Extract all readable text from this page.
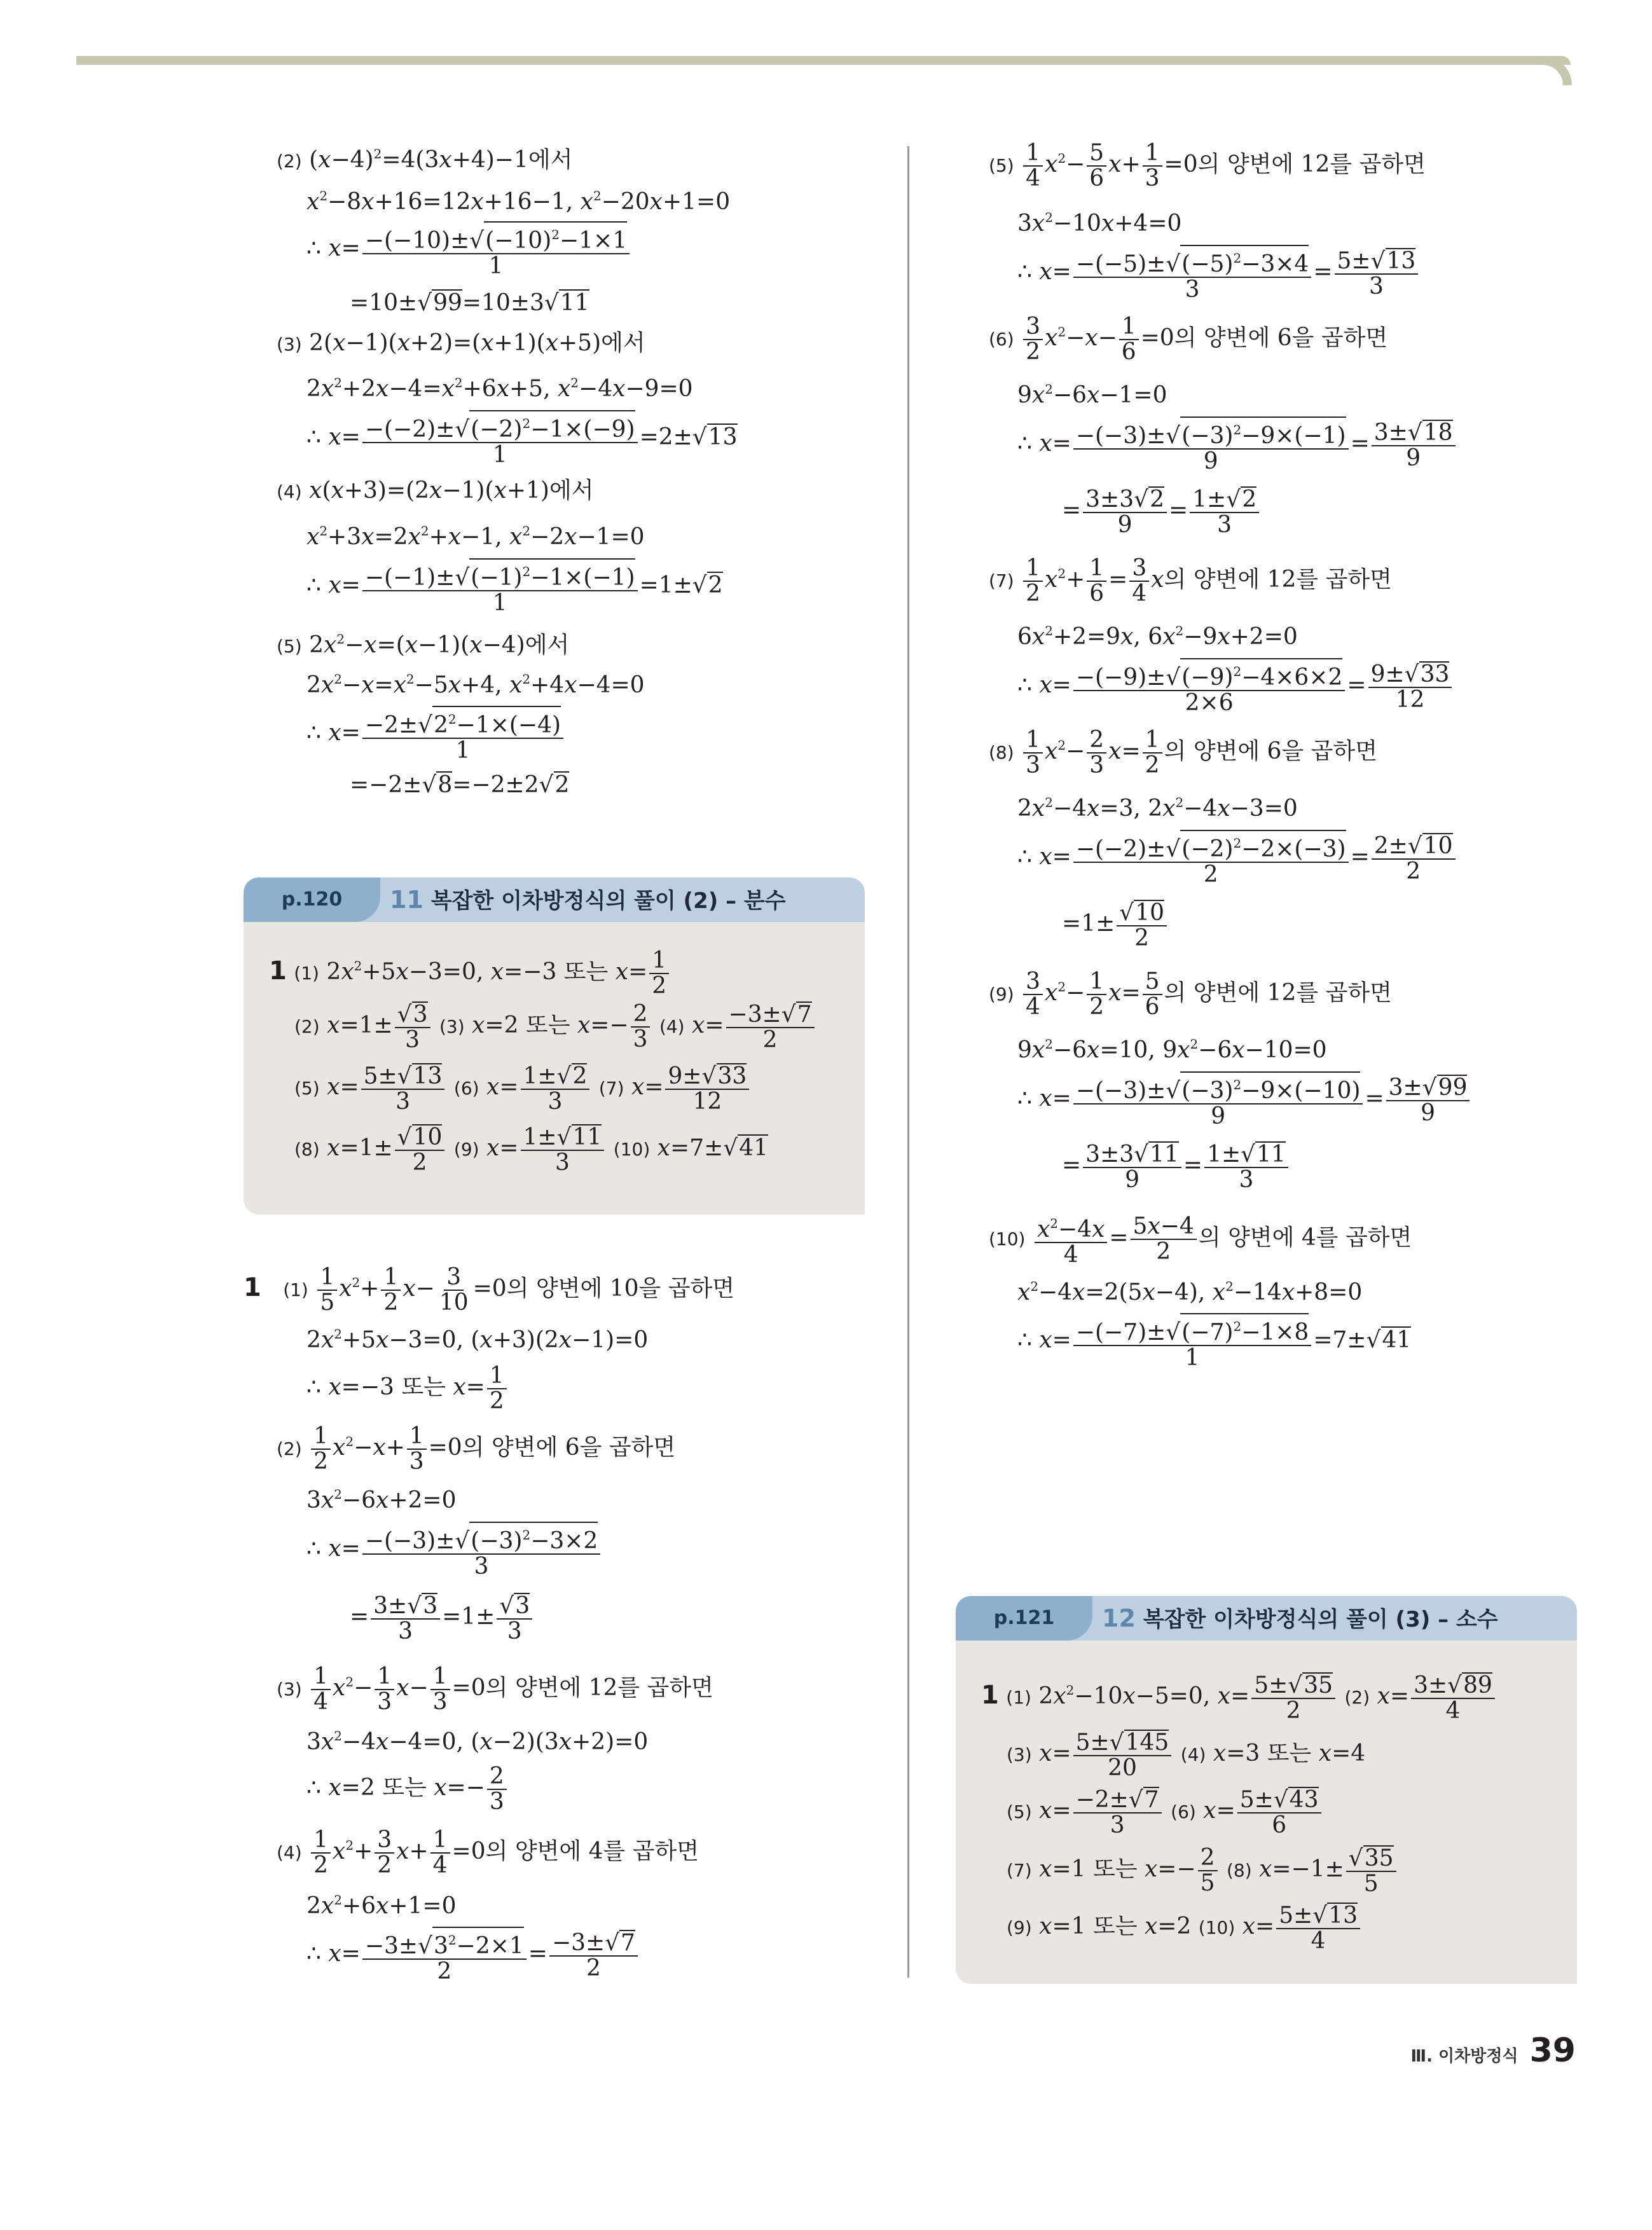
(2) $(x-4)^2=4(3x+4)-1$에서
$x^2-8x+16=12x+16-1$, $x^2-20x+1=0$
∴ $x= \frac{-(-10)\pm√(-10)^2-1\times 1}{1}$
=10±√99=10±3√11
(3) 2(x−1)(x+2)=(x+1)(x+5)에서
$2x^2+2x-4=x^2+6x+5$, $x^2-4x-9=0$
∴ $x= \frac{-(-2)\pm√(-2)^2-1\times(-9)}{1} =2\pm√13$
(4) x(x+3)=(2x−1)(x+1)에서
$x^2+3x=2x^2+x-1$, $x^2-2x-1=0$
∴ $x= \frac{-(-1)\pm√(-1)^2-1\times(-1)}{1} =1\pm√2$
(5) $2x^2-x=(x-1)(x-4)$에서
$2x^2-x=x^2-5x+4$, $x^2+4x-4=0$
∴ $x= \frac{-2\pm√2^2-1\times(-4)}{1}$
=−2±√8=−2±2√2
p.120	11 복잡한 이차방정식의 풀이 (2) – 분수
1 (1) $2x^2+5x-3=0$, x=−3 또는 $x= \frac{1}{2}$
(2) $x=1\pm \frac{√3}{3} (3)$ x=2 또는 $x=- \frac{2}{3} (4)$ $x= \frac{-3\pm√7}{2}$
(5) $x= \frac{5\pm√13}{3} (6)$ $x= \frac{1\pm√2}{3} (7)$ $x= \frac{9\pm√33}{12}$
(8) $x=1\pm \frac{√10}{2} (9)$ $x= \frac{1\pm√11}{3} (10)$ x=7±√41
1 $(1) \frac{1}{5} x^2+ \frac{1}{2} x- \frac{3}{10} =0$의 양변에 10을 곱하면
$2x^2+5x-3=0$, (x+3)(2x−1)=0
∴ x=−3 또는 $x= \frac{1}{2}$
$(2) \frac{1}{2} x^2-x+ \frac{1}{3} =0$의 양변에 6을 곱하면
$3x^2-6x+2=0$
∴ $x= \frac{-(-3)\pm√(-3)^2-3\times 2}{3}$
= $\frac{3\pm√3}{3} =1\pm \frac{√3}{3}$
$(3) \frac{1}{4} x^2- \frac{1}{3} x- \frac{1}{3} =0$의 양변에 12를 곱하면
$3x^2-4x-4=0$, (x−2)(3x+2)=0
∴ x=2 또는 $x=- \frac{2}{3}$
$(4) \frac{1}{2} x^2+ \frac{3}{2} x+ \frac{1}{4} =0$의 양변에 4를 곱하면
$2x^2+6x+1=0$
∴ $x= \frac{-3\pm√3^2-2\times 1}{2} = \frac{-3\pm√7}{2}$
$(5) \frac{1}{4} x^2- \frac{5}{6} x+ \frac{1}{3} =0$의 양변에 12를 곱하면
$3x^2-10x+4=0$
∴ $x= \frac{-(-5)\pm√(-5)^2-3\times 4}{3} = \frac{5\pm√13}{3}$
$(6) \frac{3}{2} x^2-x- \frac{1}{6} =0$의 양변에 6을 곱하면
$9x^2-6x-1=0$
∴ $x= \frac{-(-3)\pm√(-3)^2-9\times(-1)}{9} = \frac{3\pm√18}{9}$
= $\frac{3\pm 3√2}{9} = \frac{1\pm√2}{3}$
$(7) \frac{1}{2} x^2+ \frac{1}{6} = \frac{3}{4}$ x의 양변에 12를 곱하면
$6x^2+2=9x$, $6x^2-9x+2=0$
∴ $x= \frac{-(-9)\pm√(-9)^2-4\times 6\times 2}{2\times 6} = \frac{9\pm√33}{12}$
$(8) \frac{1}{3} x^2- \frac{2}{3} x= \frac{1}{2}$ 의 양변에 6을 곱하면
$2x^2-4x=3$, $2x^2-4x-3=0$
∴ $x= \frac{-(-2)\pm√(-2)^2-2\times(-3)}{2} = \frac{2\pm√10}{2}$
$=1\pm \frac{√10}{2}$
$(9) \frac{3}{4} x^2- \frac{1}{2} x= \frac{5}{6}$ 의 양변에 12를 곱하면
$9x^2-6x=10$, $9x^2-6x-10=0$
∴ $x= \frac{-(-3)\pm√(-3)^2-9\times(-10)}{9} = \frac{3\pm√99}{9}$
= $\frac{3\pm 3√11}{9} = \frac{1\pm√11}{3}$
$(10) \frac{x^2-4x}{4} = \frac{5x-4}{2}$ 의 양변에 4를 곱하면
$x^2-4x=2(5x-4)$, $x^2-14x+8=0$
∴ $x= \frac{-(-7)\pm√(-7)^2-1\times 8}{1} =7\pm√41$
p.121	12 복잡한 이차방정식의 풀이 (3) – 소수
1 (1) $2x^2-10x-5=0$, $x= \frac{5\pm√35}{2} (2)$ $x= \frac{3\pm√89}{4}$
(3) $x= \frac{5\pm√145}{20} (4)$ x=3 또는 x=4
(5) $x= \frac{-2\pm√7}{3} (6)$ $x= \frac{5\pm√43}{6}$
(7) x=1 또는 $x=- \frac{2}{5} (8)$ $x=-1\pm \frac{√35}{5}$
(9) x=1 또는 x=2 (10) $x= \frac{5\pm√13}{4}$
Ⅲ. 이차방정식 39
